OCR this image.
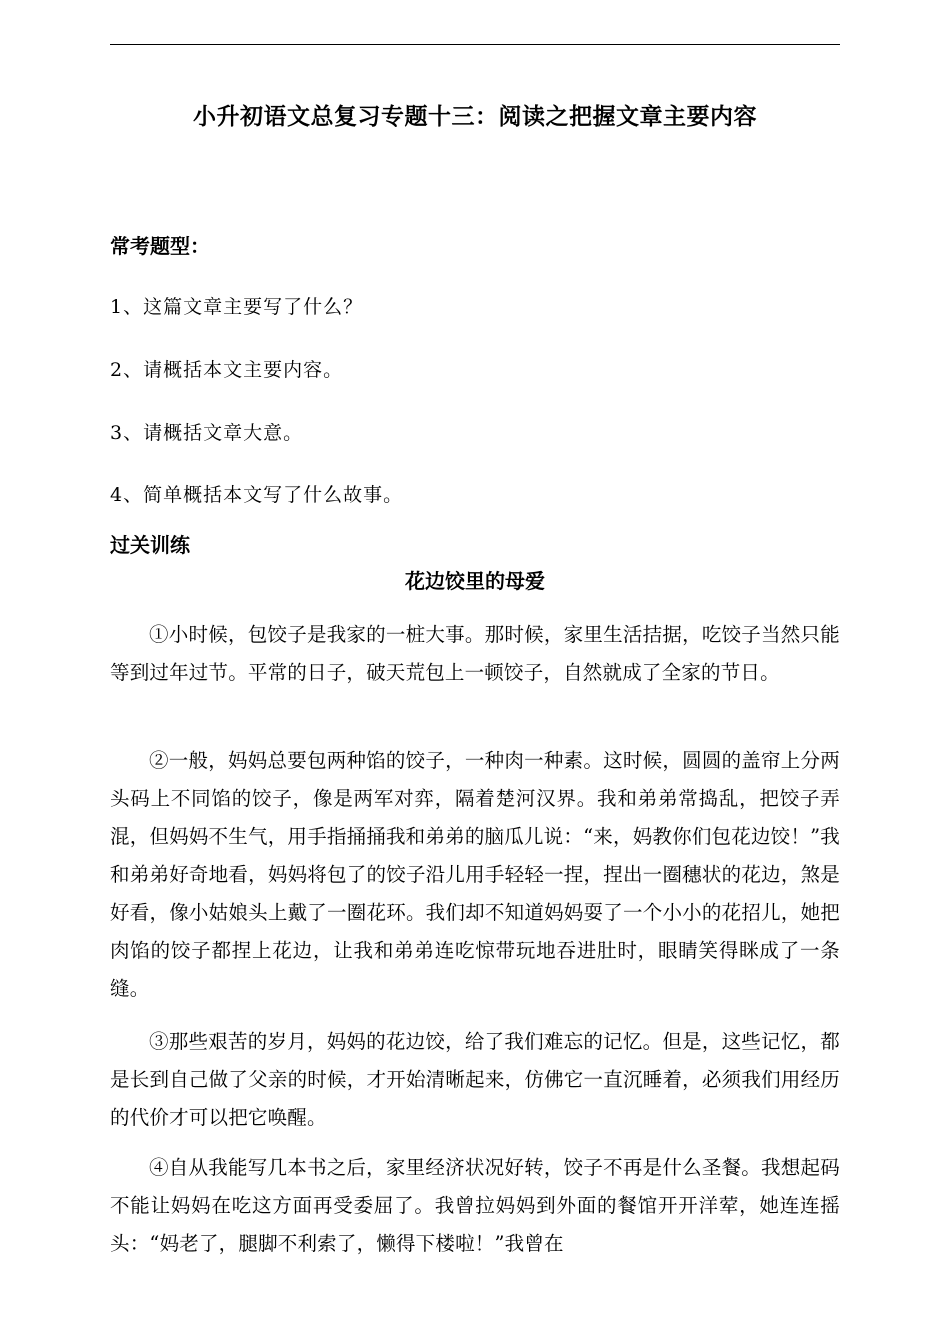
小升初语文总复习专题十三：阅读之把握文章主要内容
常考题型：
1、这篇文章主要写了什么？
2、请概括本文主要内容。
3、请概括文章大意。
4、简单概括本文写了什么故事。
过关训练
花边饺里的母爱

①小时候，包饺子是我家的一桩大事。那时候，家里生活拮据，吃饺子当然只能等到过年过节。平常的日子，破天荒包上一顿饺子，自然就成了全家的节日。

②一般，妈妈总要包两种馅的饺子，一种肉一种素。这时候，圆圆的盖帘上分两头码上不同馅的饺子，像是两军对弈，隔着楚河汉界。我和弟弟常捣乱，把饺子弄混，但妈妈不生气，用手指捅捅我和弟弟的脑瓜儿说：“来，妈教你们包花边饺！”我和弟弟好奇地看，妈妈将包了的饺子沿儿用手轻轻一捏，捏出一圈穗状的花边，煞是好看，像小姑娘头上戴了一圈花环。我们却不知道妈妈耍了一个小小的花招儿，她把肉馅的饺子都捏上花边，让我和弟弟连吃惊带玩地吞进肚时，眼睛笑得眯成了一条缝。

③那些艰苦的岁月，妈妈的花边饺，给了我们难忘的记忆。但是，这些记忆，都是长到自己做了父亲的时候，才开始清晰起来，仿佛它一直沉睡着，必须我们用经历的代价才可以把它唤醒。

④自从我能写几本书之后，家里经济状况好转，饺子不再是什么圣餐。我想起码不能让妈妈在吃这方面再受委屈了。我曾拉妈妈到外面的餐馆开开洋荤，她连连摇头：“妈老了，腿脚不利索了，懒得下楼啦！”我曾在
